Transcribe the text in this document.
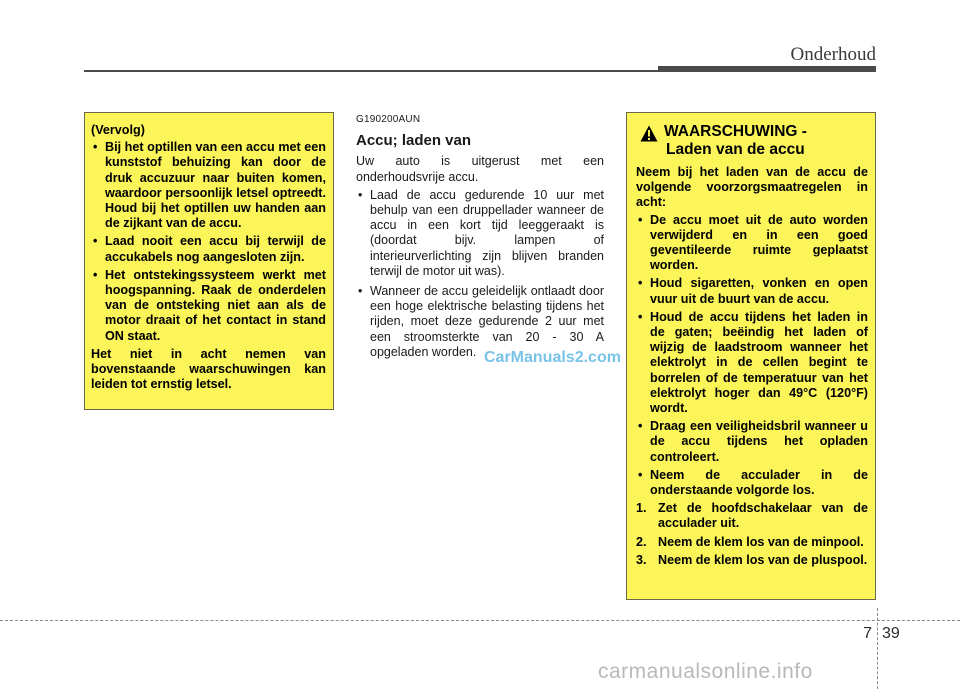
Onderhoud

(Vervolg)

• Bij het optillen van een accu met een kunststof behuizing kan door de druk accuzuur naar buiten komen, waardoor persoonlijk letsel optreedt. Houd bij het optillen uw handen aan de zijkant van de accu.
• Laad nooit een accu bij terwijl de accukabels nog aangesloten zijn.
• Het ontstekingssysteem werkt met hoogspanning. Raak de onderdelen van de ontsteking niet aan als de motor draait of het contact in stand ON staat.

Het niet in acht nemen van bovenstaande waarschuwingen kan leiden tot ernstig letsel.

G190200AUN
Accu; laden van

Uw auto is uitgerust met een onderhoudsvrije accu.

• Laad de accu gedurende 10 uur met behulp van een druppellader wanneer de accu in een kort tijd leeggeraakt is (doordat bijv. lampen of interieurverlichting zijn blijven branden terwijl de motor uit was).
• Wanneer de accu geleidelijk ontlaadt door een hoge elektrische belasting tijdens het rijden, moet deze gedurende 2 uur met een stroomsterkte van 20 - 30 A opgeladen worden. CarManuals2.com
WAARSCHUWING -
Laden van de accu

Neem bij het laden van de accu de volgende voorzorgsmaatregelen in acht:

• De accu moet uit de auto worden verwijderd en in een goed geventileerde ruimte geplaatst worden.
• Houd sigaretten, vonken en open vuur uit de buurt van de accu.
• Houd de accu tijdens het laden in de gaten; beëindig het laden of wijzig de laadstroom wanneer het elektrolyt in de cellen begint te borrelen of de temperatuur van het elektrolyt hoger dan 49°C (120°F) wordt.
• Draag een veiligheidsbril wanneer u de accu tijdens het opladen controleert.
• Neem de acculader in de onderstaande volgorde los.
1. Zet de hoofdschakelaar van de acculader uit.
2. Neem de klem los van de minpool.
3. Neem de klem los van de pluspool.
7 39
carmanualsonline.info
